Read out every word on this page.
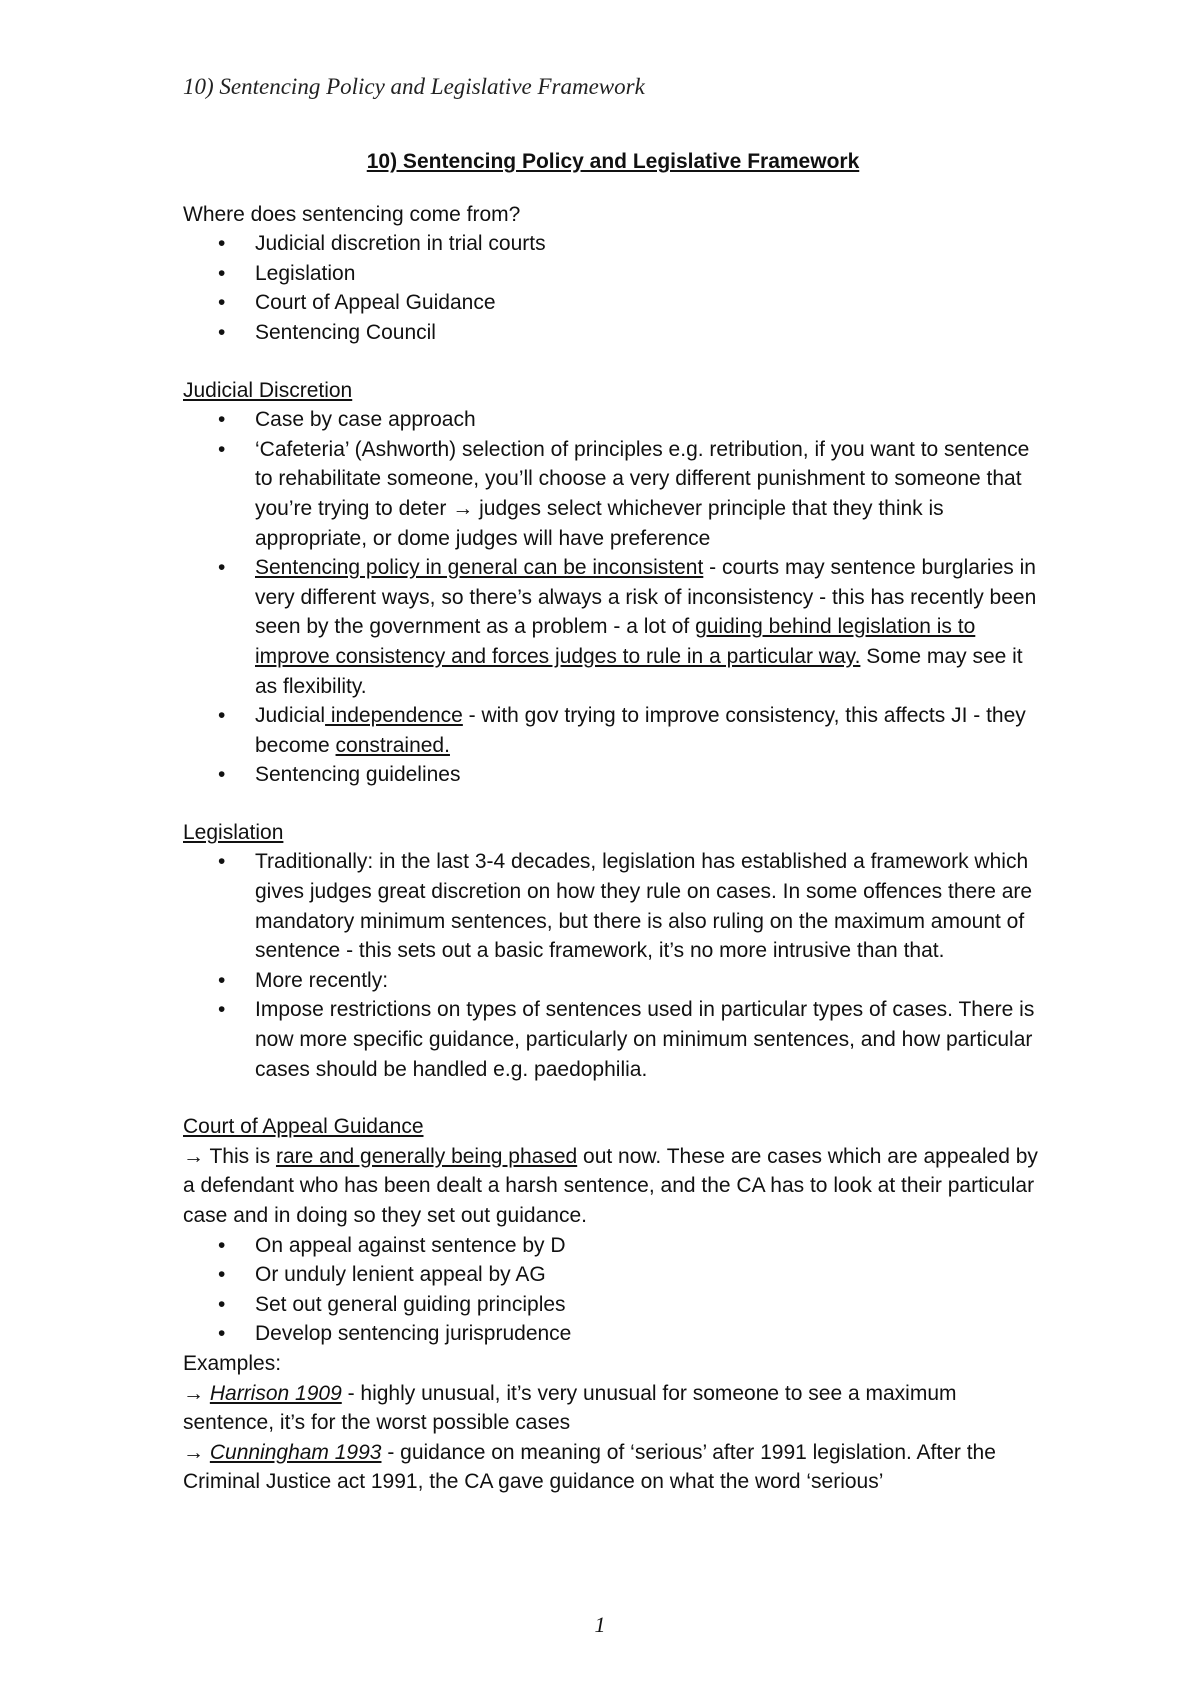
10) Sentencing Policy and Legislative Framework
10) Sentencing Policy and Legislative Framework
Where does sentencing come from?
• Judicial discretion in trial courts
• Legislation
• Court of Appeal Guidance
• Sentencing Council
Judicial Discretion
• Case by case approach
• ‘Cafeteria’ (Ashworth) selection of principles e.g. retribution, if you want to sentence to rehabilitate someone, you’ll choose a very different punishment to someone that you’re trying to deter → judges select whichever principle that they think is appropriate, or dome judges will have preference
• Sentencing policy in general can be inconsistent - courts may sentence burglaries in very different ways, so there’s always a risk of inconsistency - this has recently been seen by the government as a problem - a lot of guiding behind legislation is to improve consistency and forces judges to rule in a particular way. Some may see it as flexibility.
• Judicial independence - with gov trying to improve consistency, this affects JI - they become constrained.
• Sentencing guidelines
Legislation
• Traditionally: in the last 3-4 decades, legislation has established a framework which gives judges great discretion on how they rule on cases. In some offences there are mandatory minimum sentences, but there is also ruling on the maximum amount of sentence - this sets out a basic framework, it’s no more intrusive than that.
• More recently:
• Impose restrictions on types of sentences used in particular types of cases. There is now more specific guidance, particularly on minimum sentences, and how particular cases should be handled e.g. paedophilia.
Court of Appeal Guidance
→ This is rare and generally being phased out now. These are cases which are appealed by a defendant who has been dealt a harsh sentence, and the CA has to look at their particular case and in doing so they set out guidance.
• On appeal against sentence by D
• Or unduly lenient appeal by AG
• Set out general guiding principles
• Develop sentencing jurisprudence
Examples:
→ Harrison 1909 - highly unusual, it’s very unusual for someone to see a maximum sentence, it’s for the worst possible cases
→ Cunningham 1993 - guidance on meaning of ‘serious’ after 1991 legislation. After the Criminal Justice act 1991, the CA gave guidance on what the word ‘serious’
1
